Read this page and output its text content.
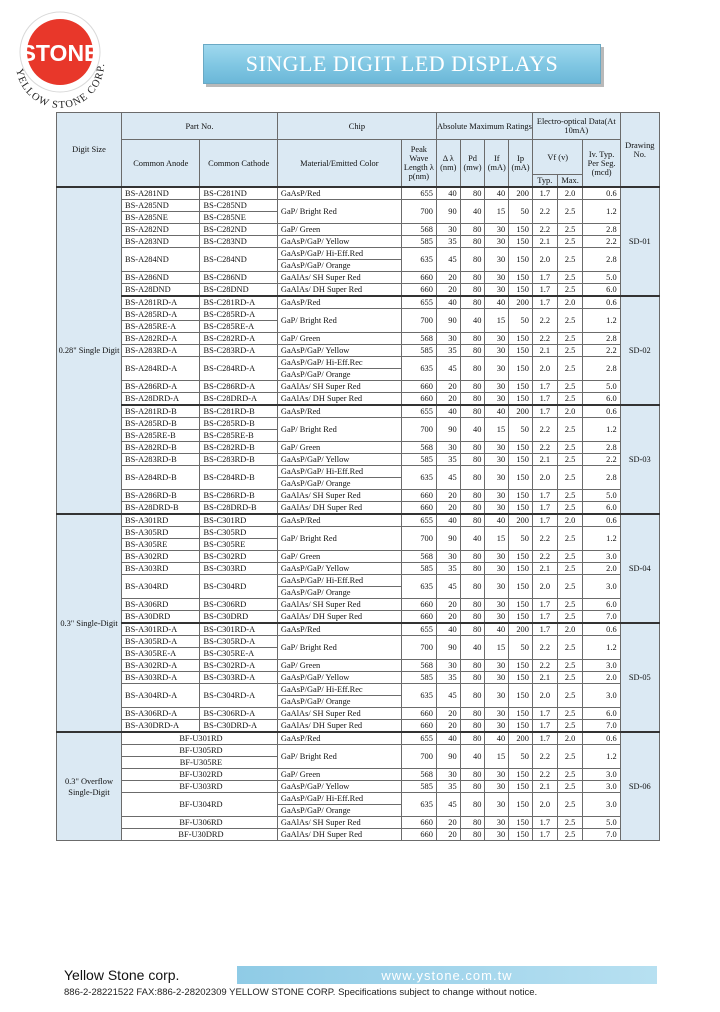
STONE
YELLOW STONE CORP.	SINGLE DIGIT LED DISPLAYS
Digit Size	Part No.		Chip		Absolute Maximum Ratings				Electro-optical Data(At 10mA)			Drawing No.
	Common Anode	Common Cathode	Material/Emitted Color	Peak Wave Length λ p(nm)	Δ λ (nm)	Pd (mw)	If (mA)	Ip (mA)	Vf (v)		Iv. Typ. Per Seg. (mcd)	
									Typ.	Max.		
0.28" Single Digit	BS-A281ND	BS-C281ND	GaAsP/Red	655	40	80	40	200	1.7	2.0	0.6	SD-01
	BS-A285ND	BS-C285ND	GaP/ Bright Red	700	90	40	15	50	2.2	2.5	1.2	
	BS-A285NE	BS-C285NE										
	BS-A282ND	BS-C282ND	GaP/ Green	568	30	80	30	150	2.2	2.5	2.8	
	BS-A283ND	BS-C283ND	GaAsP/GaP/ Yellow	585	35	80	30	150	2.1	2.5	2.2	
	BS-A284ND	BS-C284ND	GaAsP/GaP/ Hi-Eff.Red	635	45	80	30	150	2.0	2.5	2.8	
			GaAsP/GaP/ Orange									
	BS-A286ND	BS-C286ND	GaAlAs/ SH Super Red	660	20	80	30	150	1.7	2.5	5.0	
	BS-A28DND	BS-C28DND	GaAlAs/ DH Super Red	660	20	80	30	150	1.7	2.5	6.0	
	BS-A281RD-A	BS-C281RD-A	GaAsP/Red	655	40	80	40	200	1.7	2.0	0.6	SD-02
	BS-A285RD-A	BS-C285RD-A	GaP/ Bright Red	700	90	40	15	50	2.2	2.5	1.2	
	BS-A285RE-A	BS-C285RE-A										
	BS-A282RD-A	BS-C282RD-A	GaP/ Green	568	30	80	30	150	2.2	2.5	2.8	
	BS-A283RD-A	BS-C283RD-A	GaAsP/GaP/ Yellow	585	35	80	30	150	2.1	2.5	2.2	
	BS-A284RD-A	BS-C284RD-A	GaAsP/GaP/ Hi-Eff.Rec	635	45	80	30	150	2.0	2.5	2.8	
			GaAsP/GaP/ Orange									
	BS-A286RD-A	BS-C286RD-A	GaAlAs/ SH Super Red	660	20	80	30	150	1.7	2.5	5.0	
	BS-A28DRD-A	BS-C28DRD-A	GaAlAs/ DH Super Red	660	20	80	30	150	1.7	2.5	6.0	
	BS-A281RD-B	BS-C281RD-B	GaAsP/Red	655	40	80	40	200	1.7	2.0	0.6	SD-03
	BS-A285RD-B	BS-C285RD-B	GaP/ Bright Red	700	90	40	15	50	2.2	2.5	1.2	
	BS-A285RE-B	BS-C285RE-B										
	BS-A282RD-B	BS-C282RD-B	GaP/ Green	568	30	80	30	150	2.2	2.5	2.8	
	BS-A283RD-B	BS-C283RD-B	GaAsP/GaP/ Yellow	585	35	80	30	150	2.1	2.5	2.2	
	BS-A284RD-B	BS-C284RD-B	GaAsP/GaP/ Hi-Eff.Red	635	45	80	30	150	2.0	2.5	2.8	
			GaAsP/GaP/ Orange									
	BS-A286RD-B	BS-C286RD-B	GaAlAs/ SH Super Red	660	20	80	30	150	1.7	2.5	5.0	
	BS-A28DRD-B	BS-C28DRD-B	GaAlAs/ DH Super Red	660	20	80	30	150	1.7	2.5	6.0	
0.3" Single-Digit	BS-A301RD	BS-C301RD	GaAsP/Red	655	40	80	40	200	1.7	2.0	0.6	SD-04
	BS-A305RD	BS-C305RD	GaP/ Bright Red	700	90	40	15	50	2.2	2.5	1.2	
	BS-A305RE	BS-C305RE										
	BS-A302RD	BS-C302RD	GaP/ Green	568	30	80	30	150	2.2	2.5	3.0	
	BS-A303RD	BS-C303RD	GaAsP/GaP/ Yellow	585	35	80	30	150	2.1	2.5	2.0	
	BS-A304RD	BS-C304RD	GaAsP/GaP/ Hi-Eff.Red	635	45	80	30	150	2.0	2.5	3.0	
			GaAsP/GaP/ Orange									
	BS-A306RD	BS-C306RD	GaAlAs/ SH Super Red	660	20	80	30	150	1.7	2.5	6.0	
	BS-A30DRD	BS-C30DRD	GaAlAs/ DH Super Red	660	20	80	30	150	1.7	2.5	7.0	
	BS-A301RD-A	BS-C301RD-A	GaAsP/Red	655	40	80	40	200	1.7	2.0	0.6	SD-05
	BS-A305RD-A	BS-C305RD-A	GaP/ Bright Red	700	90	40	15	50	2.2	2.5	1.2	
	BS-A305RE-A	BS-C305RE-A										
	BS-A302RD-A	BS-C302RD-A	GaP/ Green	568	30	80	30	150	2.2	2.5	3.0	
	BS-A303RD-A	BS-C303RD-A	GaAsP/GaP/ Yellow	585	35	80	30	150	2.1	2.5	2.0	
	BS-A304RD-A	BS-C304RD-A	GaAsP/GaP/ Hi-Eff.Rec	635	45	80	30	150	2.0	2.5	3.0	
			GaAsP/GaP/ Orange									
	BS-A306RD-A	BS-C306RD-A	GaAlAs/ SH Super Red	660	20	80	30	150	1.7	2.5	6.0	
	BS-A30DRD-A	BS-C30DRD-A	GaAlAs/ DH Super Red	660	20	80	30	150	1.7	2.5	7.0	
0.3" Overflow Single-Digit	BF-U301RD		GaAsP/Red	655	40	80	40	200	1.7	2.0	0.6	SD-06
	BF-U305RD		GaP/ Bright Red	700	90	40	15	50	2.2	2.5	1.2	
	BF-U305RE											
	BF-U302RD		GaP/ Green	568	30	80	30	150	2.2	2.5	3.0	
	BF-U303RD		GaAsP/GaP/ Yellow	585	35	80	30	150	2.1	2.5	3.0	
	BF-U304RD		GaAsP/GaP/ Hi-Eff.Red	635	45	80	30	150	2.0	2.5	3.0	
			GaAsP/GaP/ Orange									
	BF-U306RD		GaAlAs/ SH Super Red	660	20	80	30	150	1.7	2.5	5.0	
	BF-U30DRD		GaAlAs/ DH Super Red	660	20	80	30	150	1.7	2.5	7.0	
Yellow Stone corp.	www.ystone.com.tw
886-2-28221522 FAX:886-2-28202309 YELLOW STONE CORP. Specifications subject to change without notice.
